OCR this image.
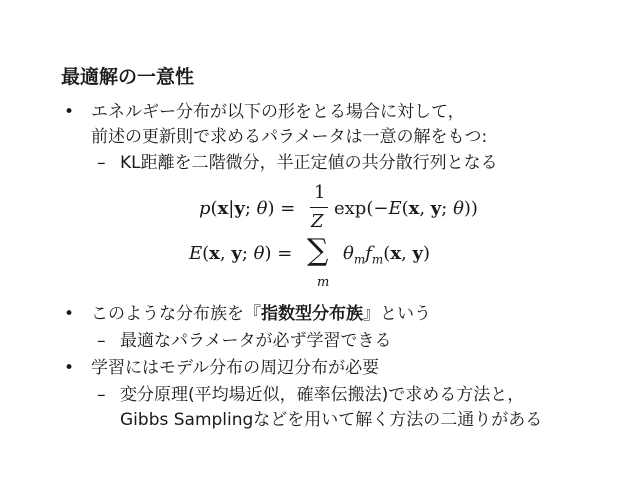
最適解の一意性
• エネルギー分布が以下の形をとる場合に対して，
前述の更新則で求めるパラメータは一意の解をもつ:
– KL距離を二階微分，半正定値の共分散行列となる
p(x|y; θ) =
1
Z
exp(−E(x, y; θ))
E(x, y; θ) = ∑
m
$\theta_mf_m(x$, y)
• このような分布族を『指数型分布族』という
– 最適なパラメータが必ず学習できる
• 学習にはモデル分布の周辺分布が必要
– 変分原理(平均場近似，確率伝搬法)で求める方法と，
Gibbs Samplingなどを用いて解く方法の二通りがある
